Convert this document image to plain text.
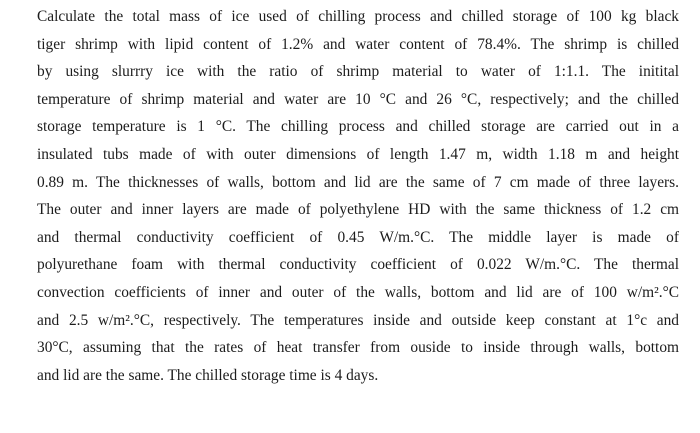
Calculate the total mass of ice used of chilling process and chilled storage of 100 kg black
tiger shrimp with lipid content of 1.2% and water content of 78.4%. The shrimp is chilled
by using slurrry ice with the ratio of shrimp material to water of 1:1.1. The initital
temperature of shrimp material and water are 10 °C and 26 °C, respectively; and the chilled
storage temperature is 1 °C. The chilling process and chilled storage are carried out in a
insulated tubs made of with outer dimensions of length 1.47 m, width 1.18 m and height
0.89 m. The thicknesses of walls, bottom and lid are the same of 7 cm made of three layers.
The outer and inner layers are made of polyethylene HD with the same thickness of 1.2 cm
and thermal conductivity coefficient of 0.45 W/m.°C. The middle layer is made of
polyurethane foam with thermal conductivity coefficient of 0.022 W/m.°C. The thermal
convection coefficients of inner and outer of the walls, bottom and lid are of 100 w/m².°C
and 2.5 w/m².°C, respectively. The temperatures inside and outside keep constant at 1°c and
30°C, assuming that the rates of heat transfer from ouside to inside through walls, bottom
and lid are the same. The chilled storage time is 4 days.
